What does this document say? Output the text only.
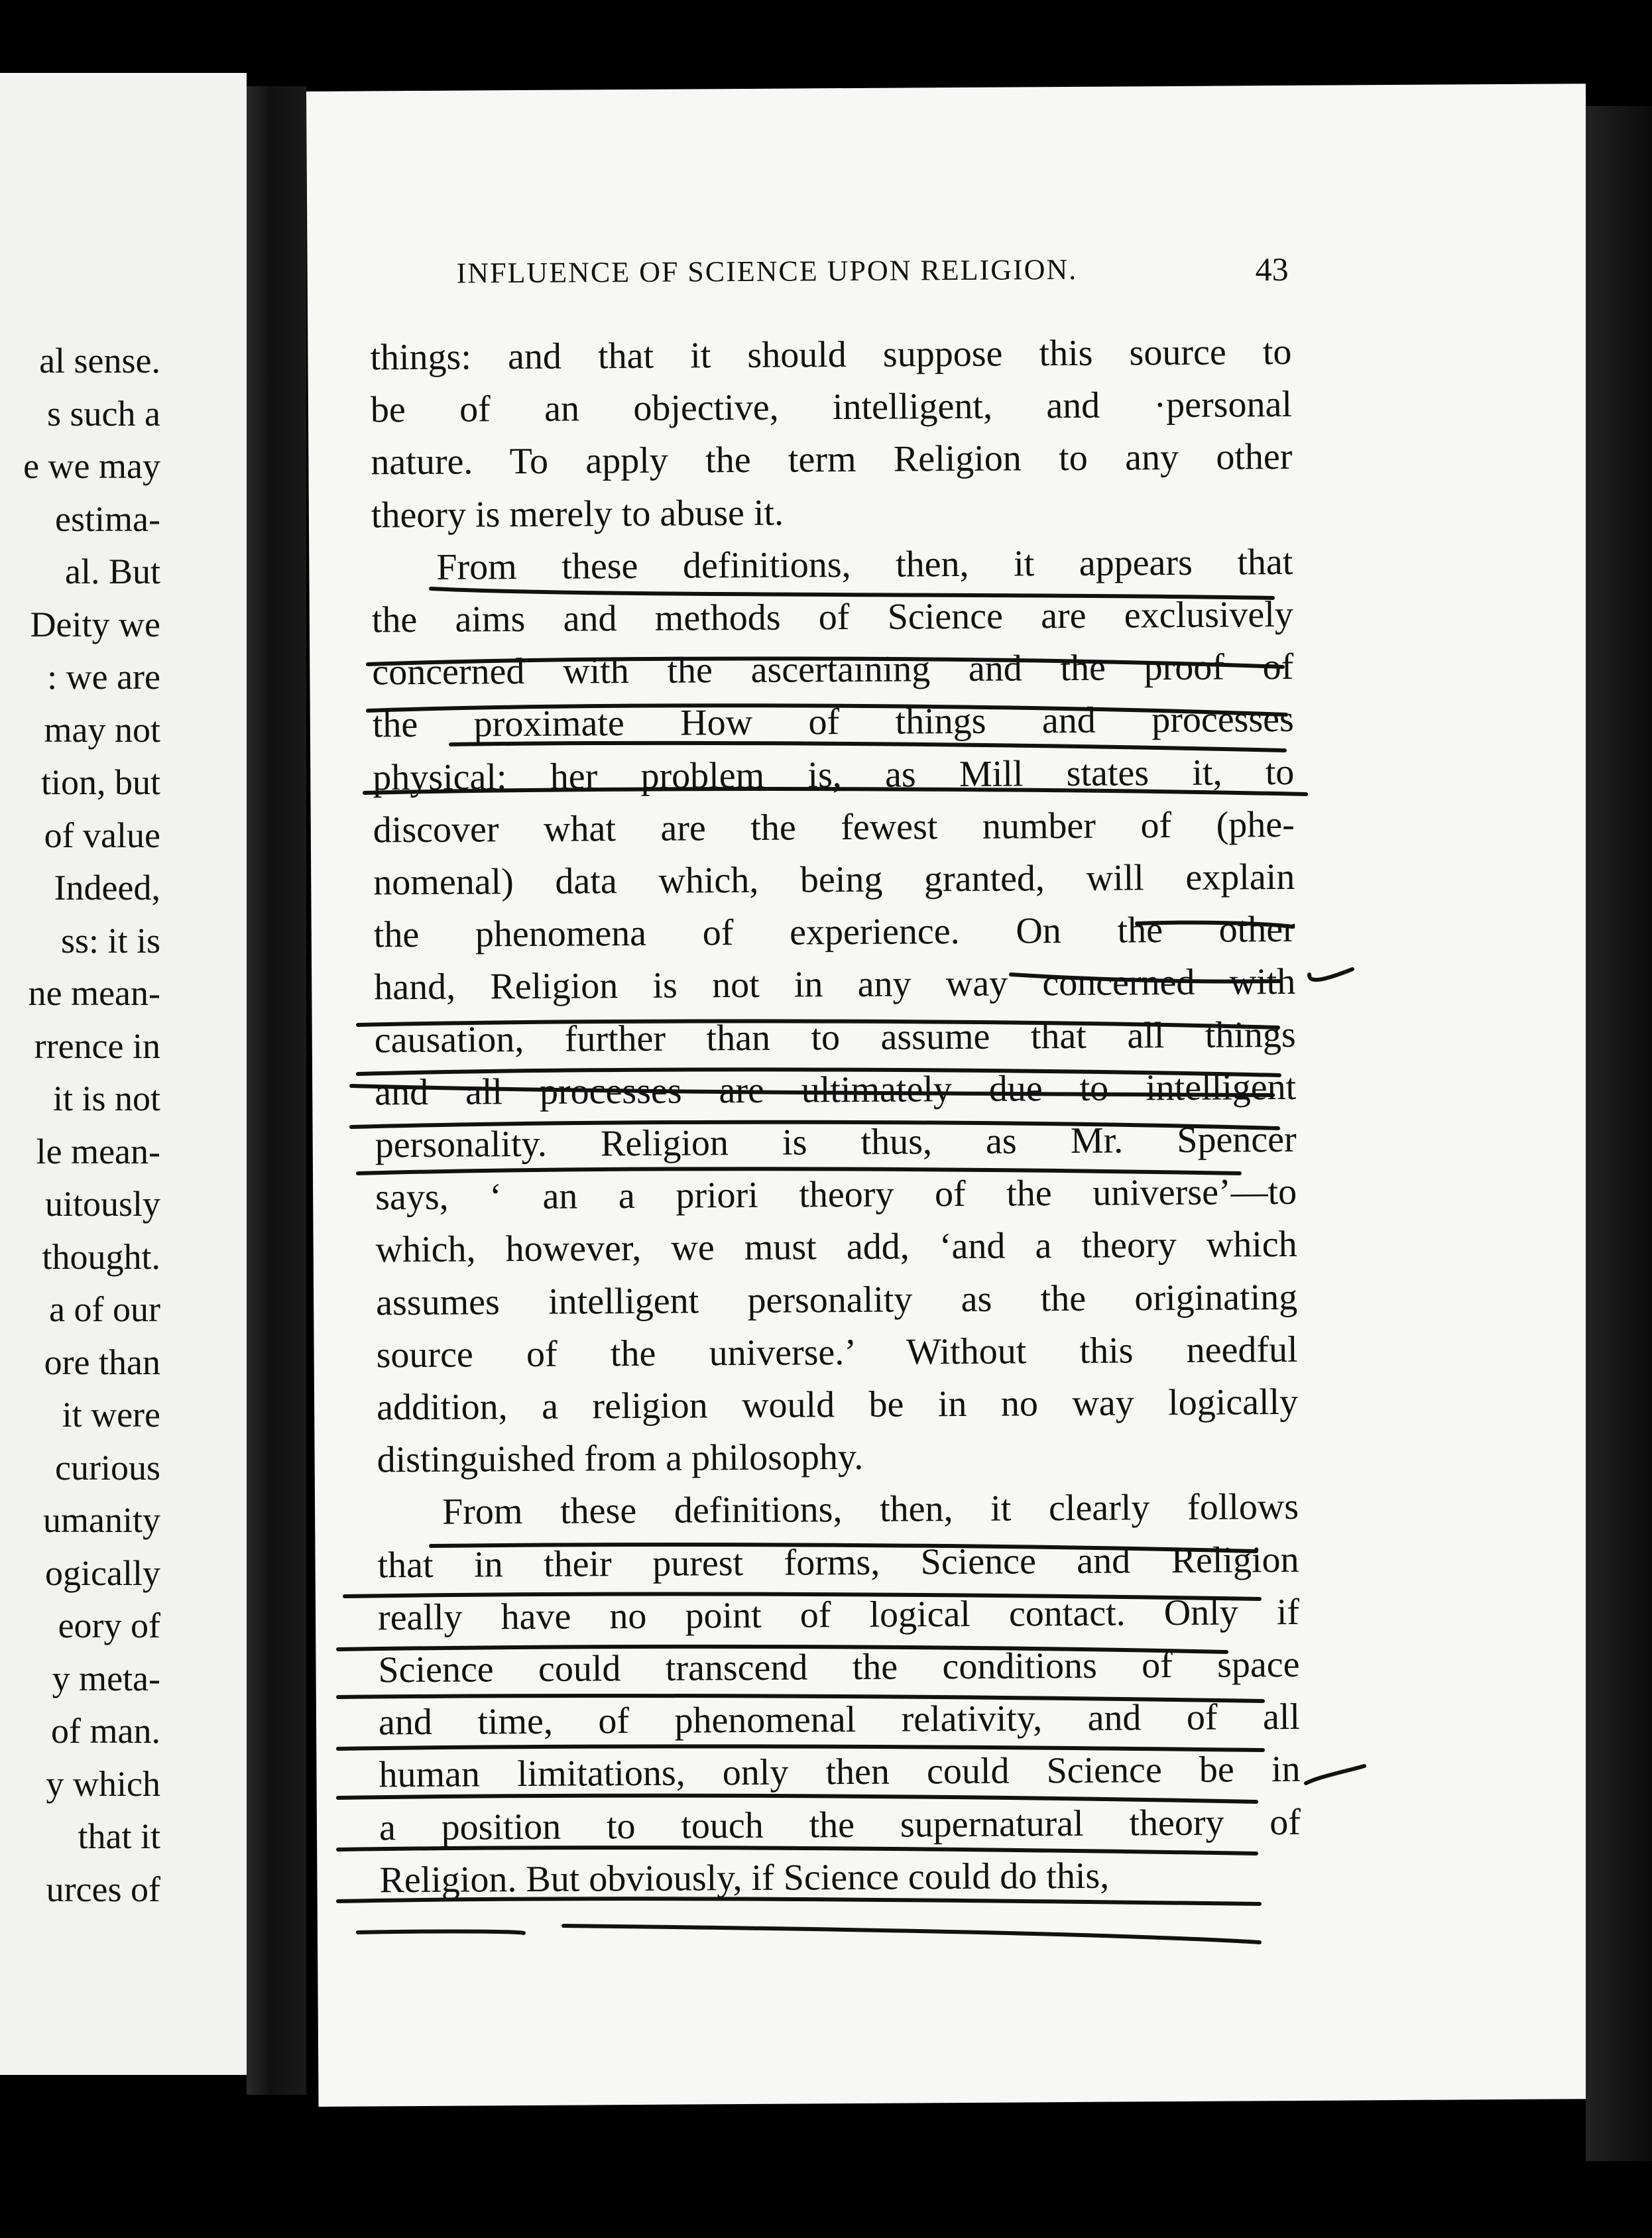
al sense.
s such a
e we may
estima-
al. But
Deity we
: we are
may not
tion, but
of value
Indeed,
ss: it is
ne mean-
rrence in
it is not
le mean-
uitously
thought.
a of our
ore than
it were
curious
umanity
ogically
eory of
y meta-
of man.
y which
that it
urces of
INFLUENCE OF SCIENCE UPON RELIGION.	43
things: and that it should suppose this source to
be of an objective, intelligent, and ·personal
nature. To apply the term Religion to any other
theory is merely to abuse it.
From these definitions, then, it appears that
the aims and methods of Science are exclusively
concerned with the ascertaining and the proof of
the proximate How of things and processes
physical: her problem is, as Mill states it, to
discover what are the fewest number of (phe-
nomenal) data which, being granted, will explain
the phenomena of experience. On the other
hand, Religion is not in any way concerned with
causation, further than to assume that all things
and all processes are ultimately due to intelligent
personality. Religion is thus, as Mr. Spencer
says, ‘ an a priori theory of the universe’—to
which, however, we must add, ‘and a theory which
assumes intelligent personality as the originating
source of the universe.’ Without this needful
addition, a religion would be in no way logically
distinguished from a philosophy.
From these definitions, then, it clearly follows
that in their purest forms, Science and Religion
really have no point of logical contact. Only if
Science could transcend the conditions of space
and time, of phenomenal relativity, and of all
human limitations, only then could Science be in
a position to touch the supernatural theory of
Religion. But obviously, if Science could do this,
